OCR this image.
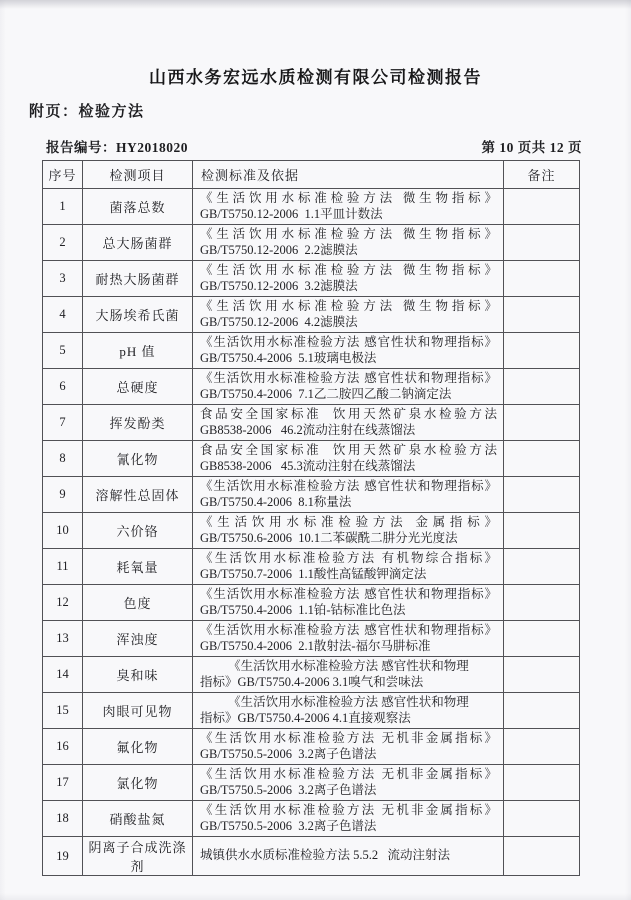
山西水务宏远水质检测有限公司检测报告
附页：检验方法
报告编号：HY2018020	第 10 页共 12 页
序号	检测项目	检测标准及依据	备注
1	菌落总数	《生活饮用水标准检验方法 微生物指标》
GB/T5750.12-2006  1.1平皿计数法	

2	总大肠菌群	《生活饮用水标准检验方法 微生物指标》
GB/T5750.12-2006  2.2滤膜法	

3	耐热大肠菌群	《生活饮用水标准检验方法 微生物指标》
GB/T5750.12-2006  3.2滤膜法	

4	大肠埃希氏菌	《生活饮用水标准检验方法 微生物指标》
GB/T5750.12-2006  4.2滤膜法	

5	pH 值	《生活饮用水标准检验方法 感官性状和物理指标》
GB/T5750.4-2006  5.1玻璃电极法	

6	总硬度	《生活饮用水标准检验方法 感官性状和物理指标》
GB/T5750.4-2006  7.1乙二胺四乙酸二钠滴定法	

7	挥发酚类	食品安全国家标准  饮用天然矿泉水检验方法
GB8538-2006   46.2流动注射在线蒸馏法	

8	氰化物	食品安全国家标准  饮用天然矿泉水检验方法
GB8538-2006   45.3流动注射在线蒸馏法	

9	溶解性总固体	《生活饮用水标准检验方法 感官性状和物理指标》
GB/T5750.4-2006  8.1称量法	

10	六价铬	《生活饮用水标准检验方法 金属指标》
GB/T5750.6-2006  10.1二苯碳酰二肼分光光度法	

11	耗氧量	《生活饮用水标准检验方法 有机物综合指标》
GB/T5750.7-2006  1.1酸性高锰酸钾滴定法	

12	色度	《生活饮用水标准检验方法 感官性状和物理指标》
GB/T5750.4-2006  1.1铂-钴标准比色法	

13	浑浊度	《生活饮用水标准检验方法 感官性状和物理指标》
GB/T5750.4-2006  2.1散射法-福尔马肼标准	

14	臭和味	《生活饮用水标准检验方法 感官性状和物理
指标》GB/T5750.4-2006 3.1嗅气和尝味法	

15	肉眼可见物	《生活饮用水标准检验方法 感官性状和物理
指标》GB/T5750.4-2006 4.1直接观察法	

16	氟化物	《生活饮用水标准检验方法 无机非金属指标》
GB/T5750.5-2006  3.2离子色谱法	

17	氯化物	《生活饮用水标准检验方法 无机非金属指标》
GB/T5750.5-2006  3.2离子色谱法	

18	硝酸盐氮	《生活饮用水标准检验方法 无机非金属指标》
GB/T5750.5-2006  3.2离子色谱法	

19	阴离子合成洗涤剂	城镇供水水质标准检验方法 5.5.2   流动注射法	
